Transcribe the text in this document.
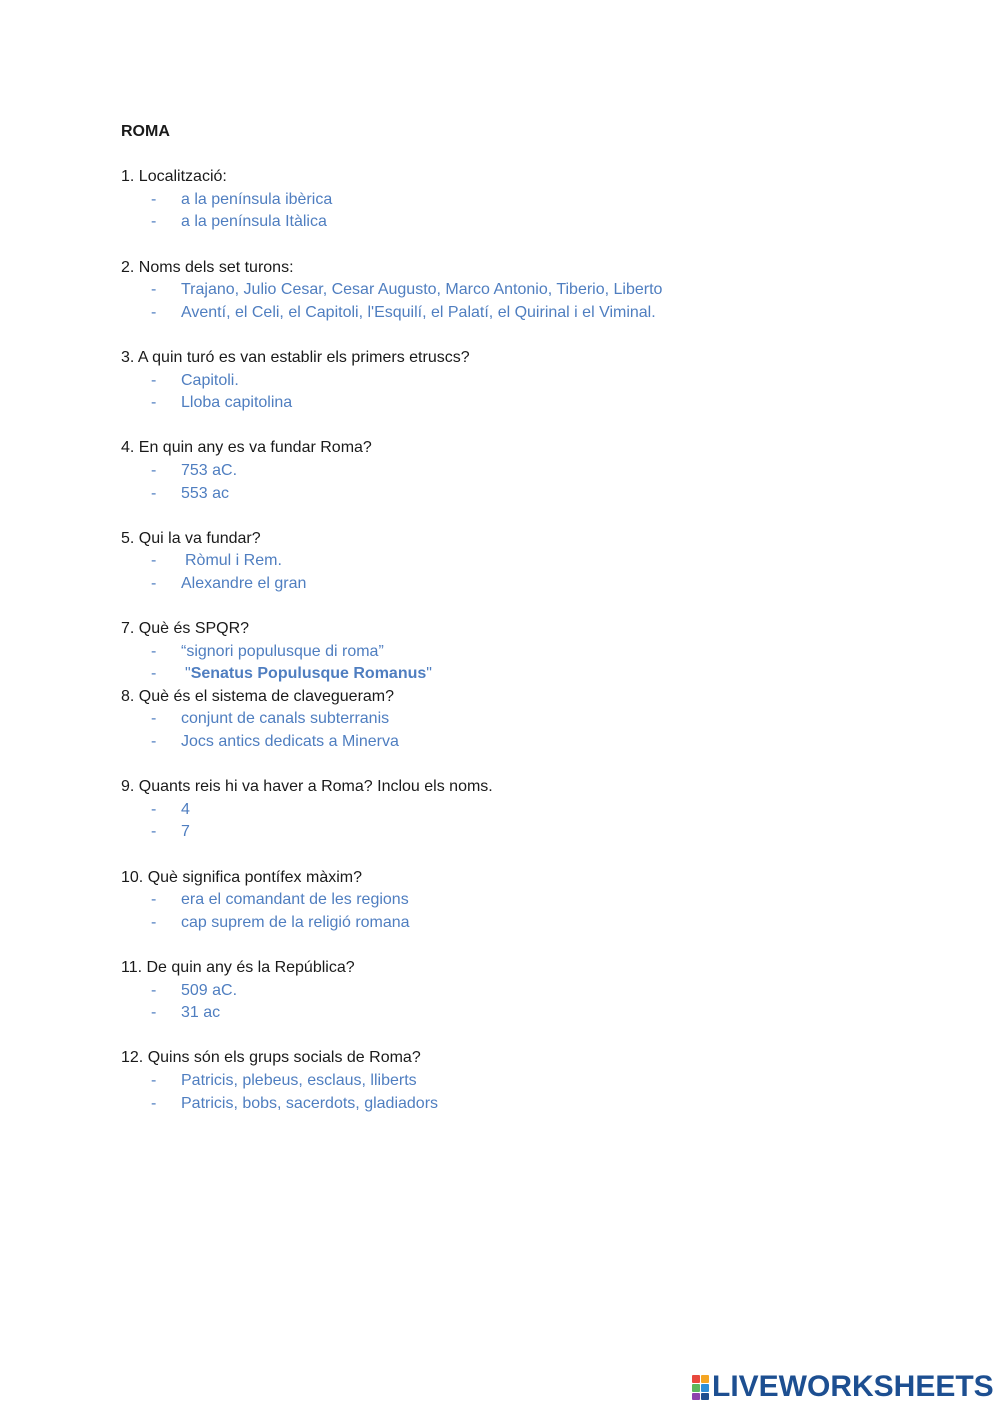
ROMA
1. Localització:
- a la península ibèrica
- a la península Itàlica
2. Noms dels set turons:
- Trajano, Julio Cesar, Cesar Augusto, Marco Antonio, Tiberio, Liberto
- Aventí, el Celi, el Capitoli, l'Esquilí, el Palatí, el Quirinal i el Viminal.
3. A quin turó es van establir els primers etruscs?
- Capitoli.
- Lloba capitolina
4. En quin any es va fundar Roma?
- 753 aC.
- 553 ac
5. Qui la va fundar?
- Ròmul i Rem.
- Alexandre el gran
7. Què és SPQR?
- “signori populusque di roma”
- "Senatus Populusque Romanus"
8. Què és el sistema de clavegueram?
- conjunt de canals subterranis
- Jocs antics dedicats a Minerva
9. Quants reis hi va haver a Roma? Inclou els noms.
- 4
- 7
10. Què significa pontífex màxim?
- era el comandant de les regions
- cap suprem de la religió romana
11. De quin any és la República?
- 509 aC.
- 31 ac
12. Quins són els grups socials de Roma?
- Patricis, plebeus, esclaus, lliberts
- Patricis, bobs, sacerdots, gladiadors
LIVEWORKSHEETS
